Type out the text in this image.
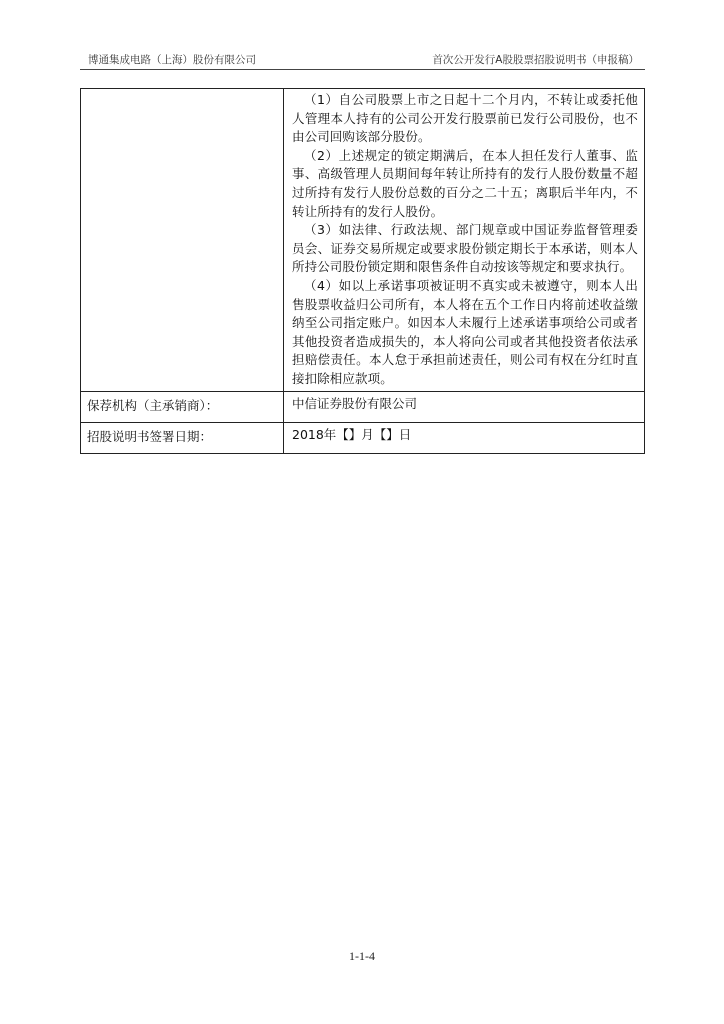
博通集成电路（上海）股份有限公司	首次公开发行A股股票招股说明书（申报稿）

	（1）自公司股票上市之日起十二个月内，不转让或委托他人管理本人持有的公司公开发行股票前已发行公司股份，也不由公司回购该部分股份。

（2）上述规定的锁定期满后，在本人担任发行人董事、监事、高级管理人员期间每年转让所持有的发行人股份数量不超过所持有发行人股份总数的百分之二十五；离职后半年内，不转让所持有的发行人股份。

（3）如法律、行政法规、部门规章或中国证券监督管理委员会、证券交易所规定或要求股份锁定期长于本承诺，则本人所持公司股份锁定期和限售条件自动按该等规定和要求执行。

（4）如以上承诺事项被证明不真实或未被遵守，则本人出售股票收益归公司所有，本人将在五个工作日内将前述收益缴纳至公司指定账户。如因本人未履行上述承诺事项给公司或者其他投资者造成损失的，本人将向公司或者其他投资者依法承担赔偿责任。本人怠于承担前述责任，则公司有权在分红时直接扣除相应款项。

保荐机构（主承销商）：	中信证券股份有限公司
招股说明书签署日期：	2018年【】月【】日
1-1-4
